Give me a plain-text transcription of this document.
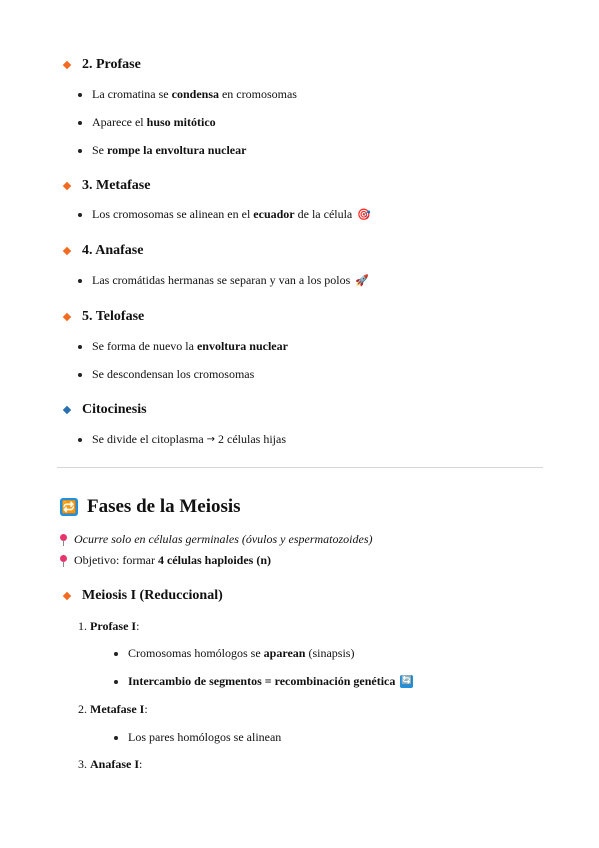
2. Profase
La cromatina se condensa en cromosomas
Aparece el huso mitótico
Se rompe la envoltura nuclear
3. Metafase
Los cromosomas se alinean en el ecuador de la célula 🎯
4. Anafase
Las cromátidas hermanas se separan y van a los polos 🚀
5. Telofase
Se forma de nuevo la envoltura nuclear
Se descondensan los cromosomas
Citocinesis
Se divide el citoplasma → 2 células hijas
🔁 Fases de la Meiosis
Ocurre solo en células germinales (óvulos y espermatozoides)
Objetivo: formar 4 células haploides (n)
Meiosis I (Reduccional)
1. Profase I:
Cromosomas homólogos se aparean (sinapsis)
Intercambio de segmentos = recombinación genética 🔄
2. Metafase I:
Los pares homólogos se alinean
3. Anafase I:
